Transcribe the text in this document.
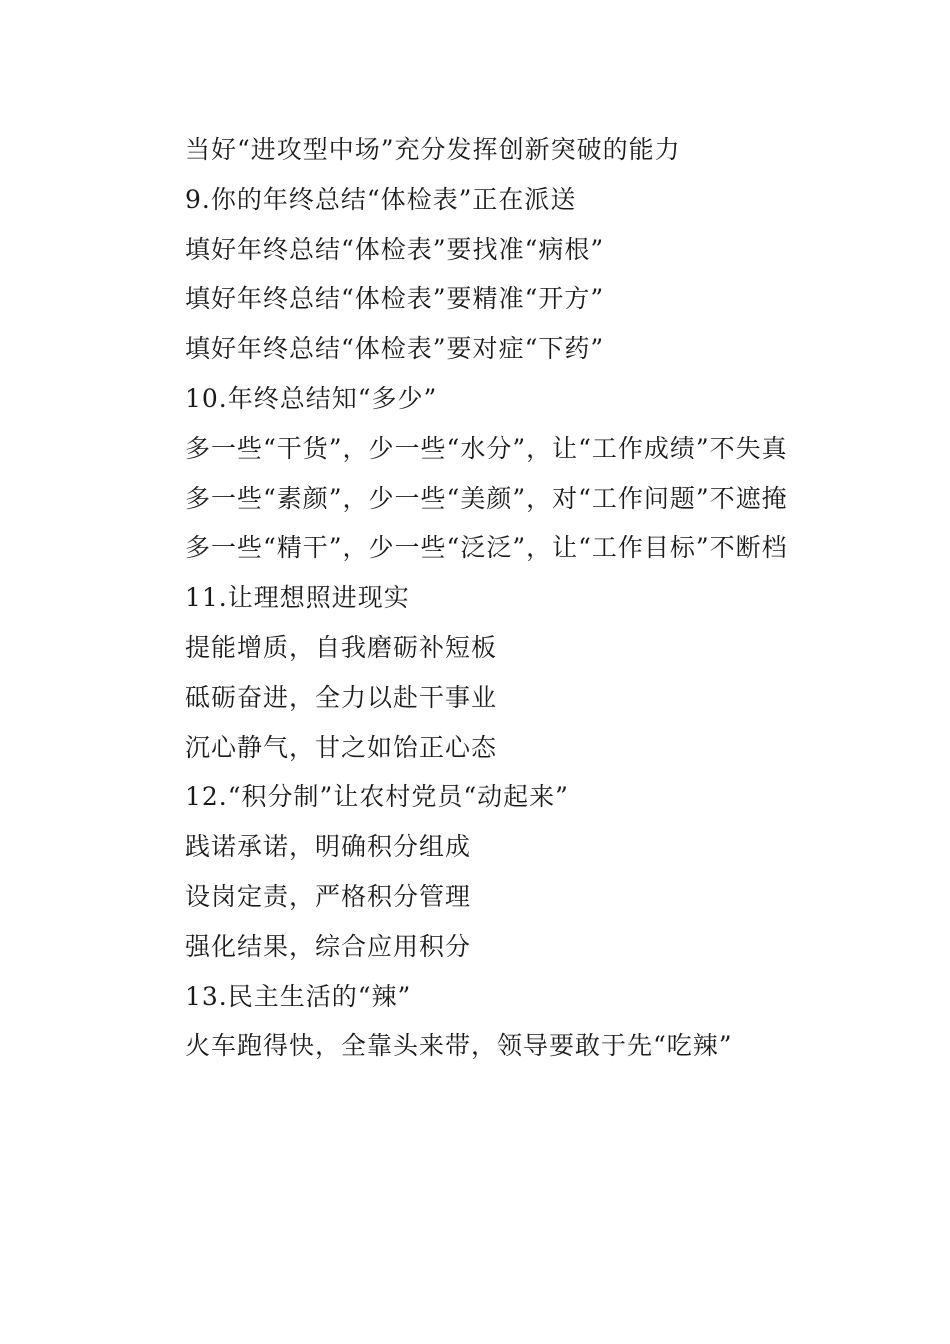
当好“进攻型中场”充分发挥创新突破的能力

9.你的年终总结“体检表”正在派送

填好年终总结“体检表”要找准“病根”

填好年终总结“体检表”要精准“开方”

填好年终总结“体检表”要对症“下药”

10.年终总结知“多少”

多一些“干货”，少一些“水分”，让“工作成绩”不失真

多一些“素颜”，少一些“美颜”，对“工作问题”不遮掩

多一些“精干”，少一些“泛泛”，让“工作目标”不断档

11.让理想照进现实

提能增质，自我磨砺补短板

砥砺奋进，全力以赴干事业

沉心静气，甘之如饴正心态

12.“积分制”让农村党员“动起来”

践诺承诺，明确积分组成

设岗定责，严格积分管理

强化结果，综合应用积分

13.民主生活的“辣”

火车跑得快，全靠头来带，领导要敢于先“吃辣”
